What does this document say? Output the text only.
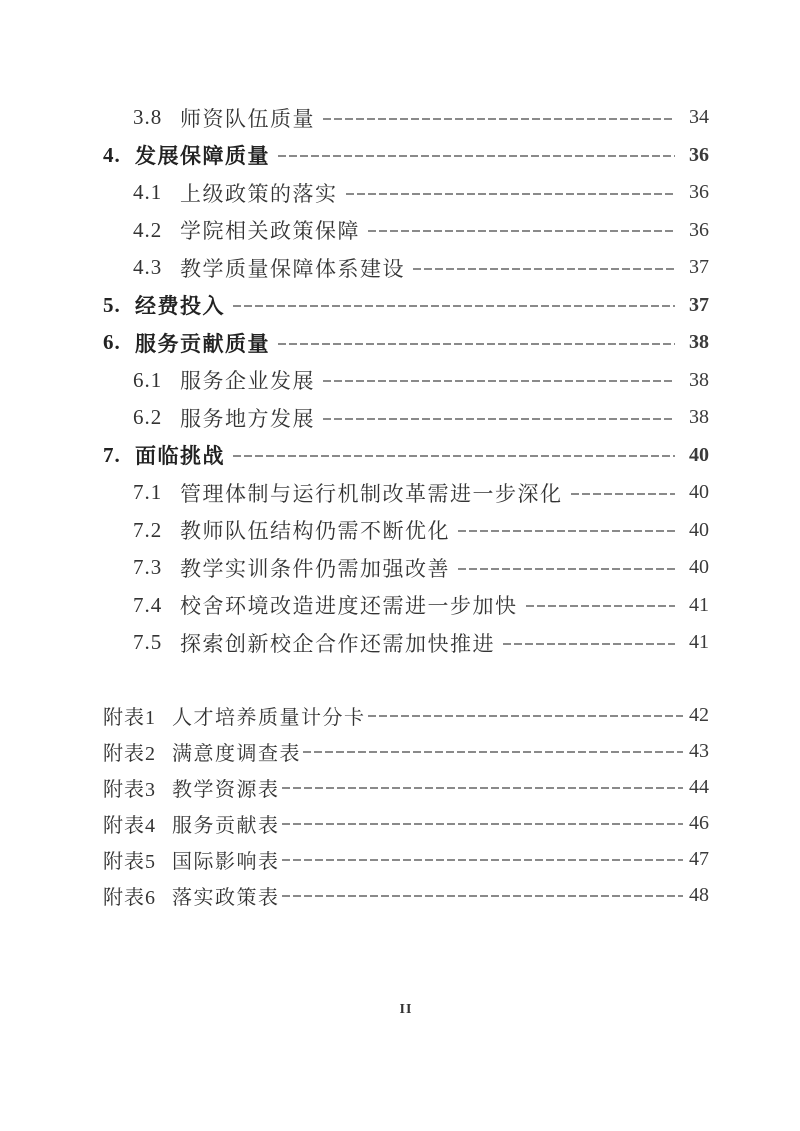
3.8 师资队伍质量	34
4. 发展保障质量	36
4.1 上级政策的落实	36
4.2 学院相关政策保障	36
4.3 教学质量保障体系建设	37
5. 经费投入	37
6. 服务贡献质量	38
6.1 服务企业发展	38
6.2 服务地方发展	38
7. 面临挑战	40
7.1 管理体制与运行机制改革需进一步深化	40
7.2 教师队伍结构仍需不断优化	40
7.3 教学实训条件仍需加强改善	40
7.4 校舍环境改造进度还需进一步加快	41
7.5 探索创新校企合作还需加快推进	41
附表1 人才培养质量计分卡	42
附表2 满意度调查表	43
附表3 教学资源表	44
附表4 服务贡献表	46
附表5 国际影响表	47
附表6 落实政策表	48
II
